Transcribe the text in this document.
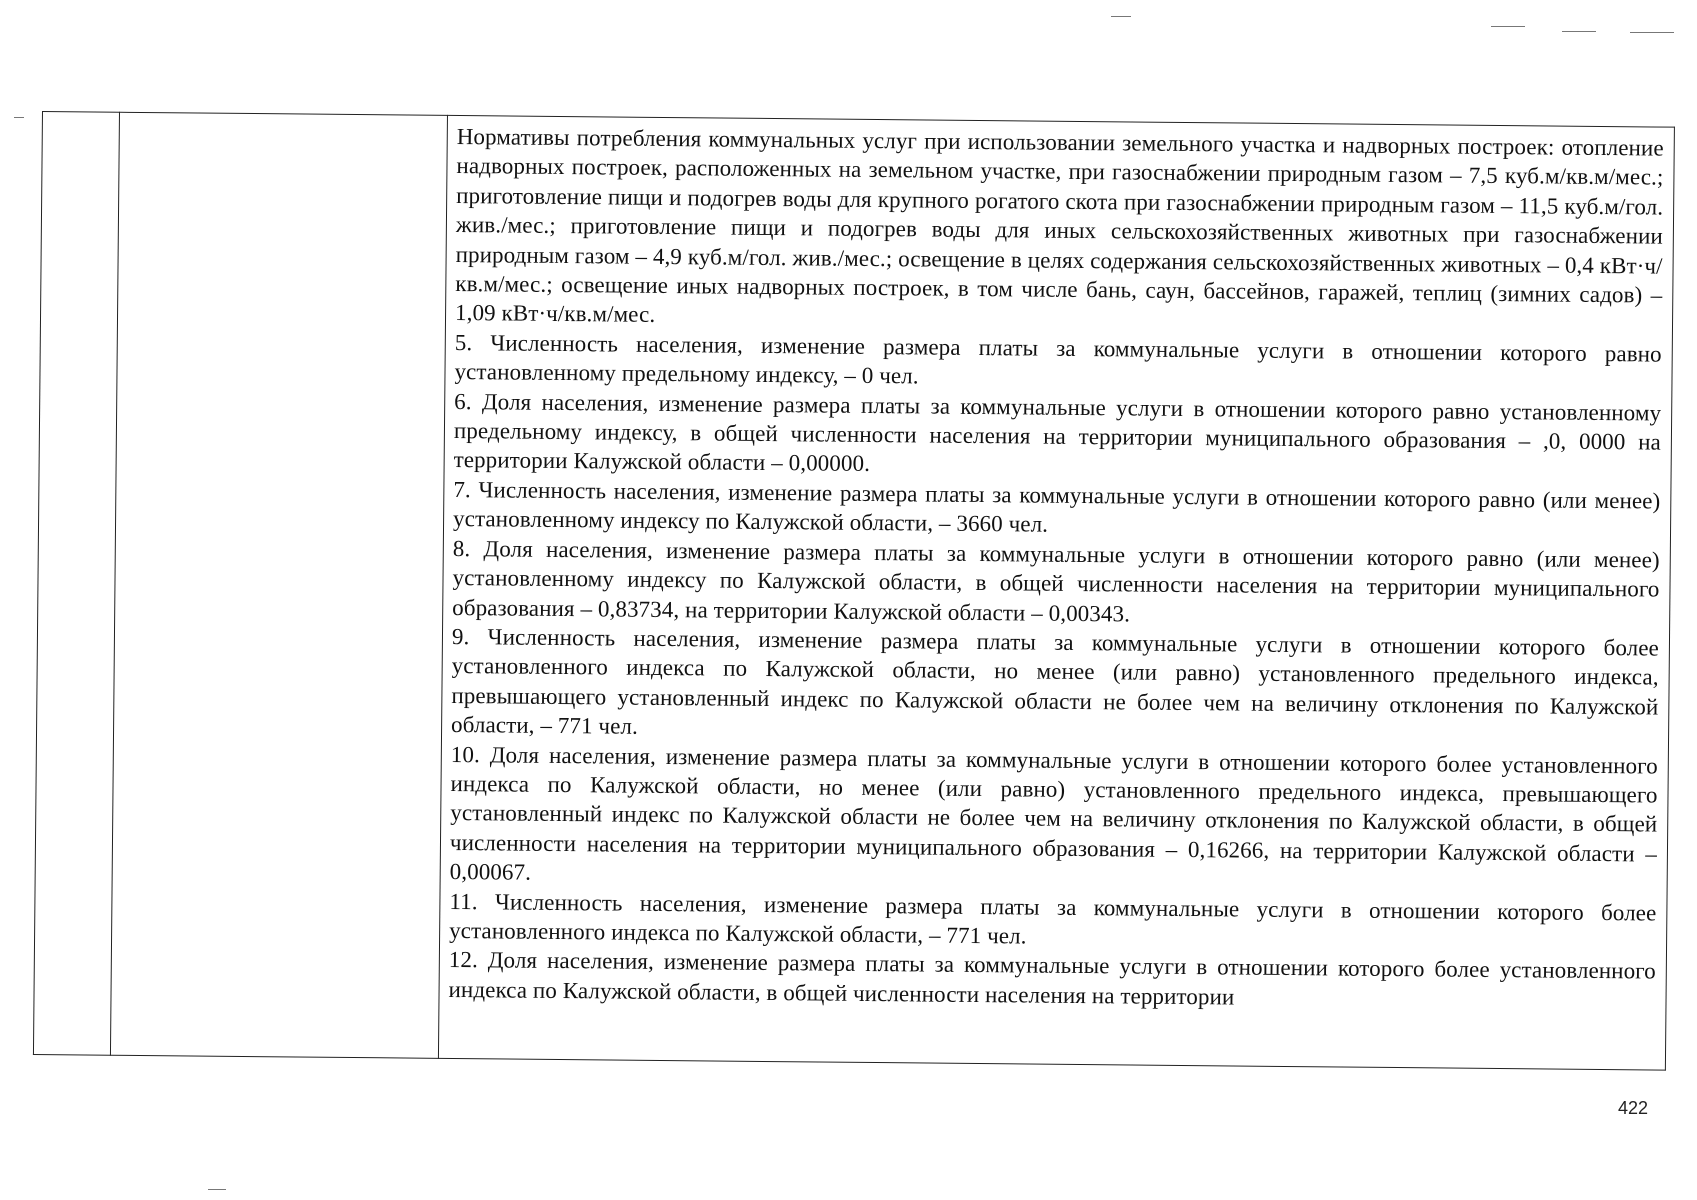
Нормативы потребления коммунальных услуг при использовании земельного участка и надворных построек: отопление надворных построек, расположенных на земельном участке, при газоснабжении природным газом – 7,5 куб.м/кв.м/мес.; приготовление пищи и подогрев воды для крупного рогатого скота при газоснабжении природным газом – 11,5 куб.м/гол. жив./мес.; приготовление пищи и подогрев воды для иных сельскохозяйственных животных при газоснабжении природным газом – 4,9 куб.м/гол. жив./мес.; освещение в целях содержания сельскохозяйственных животных – 0,4 кВт·ч/кв.м/мес.; освещение иных надворных построек, в том числе бань, саун, бассейнов, гаражей, теплиц (зимних садов) – 1,09 кВт·ч/кв.м/мес.

5. Численность населения, изменение размера платы за коммунальные услуги в отношении которого равно установленному предельному индексу, – 0 чел.

6. Доля населения, изменение размера платы за коммунальные услуги в отношении которого равно установленному предельному индексу, в общей численности населения на территории муниципального образования – ,0, 0000 на территории Калужской области – 0,00000.

7. Численность населения, изменение размера платы за коммунальные услуги в отношении которого равно (или менее) установленному индексу по Калужской области, – 3660 чел.

8. Доля населения, изменение размера платы за коммунальные услуги в отношении которого равно (или менее) установленному индексу по Калужской области, в общей численности населения на территории муниципального образования – 0,83734, на территории Калужской области – 0,00343.

9. Численность населения, изменение размера платы за коммунальные услуги в отношении которого более установленного индекса по Калужской области, но менее (или равно) установленного предельного индекса, превышающего установленный индекс по Калужской области не более чем на величину отклонения по Калужской области, – 771 чел.

10. Доля населения, изменение размера платы за коммунальные услуги в отношении которого более установленного индекса по Калужской области, но менее (или равно) установленного предельного индекса, превышающего установленный индекс по Калужской области не более чем на величину отклонения по Калужской области, в общей численности населения на территории муниципального образования – 0,16266, на территории Калужской области – 0,00067.

11. Численность населения, изменение размера платы за коммунальные услуги в отношении которого более установленного индекса по Калужской области, – 771 чел.

12. Доля населения, изменение размера платы за коммунальные услуги в отношении которого более установленного индекса по Калужской области, в общей численности населения на территории

422
